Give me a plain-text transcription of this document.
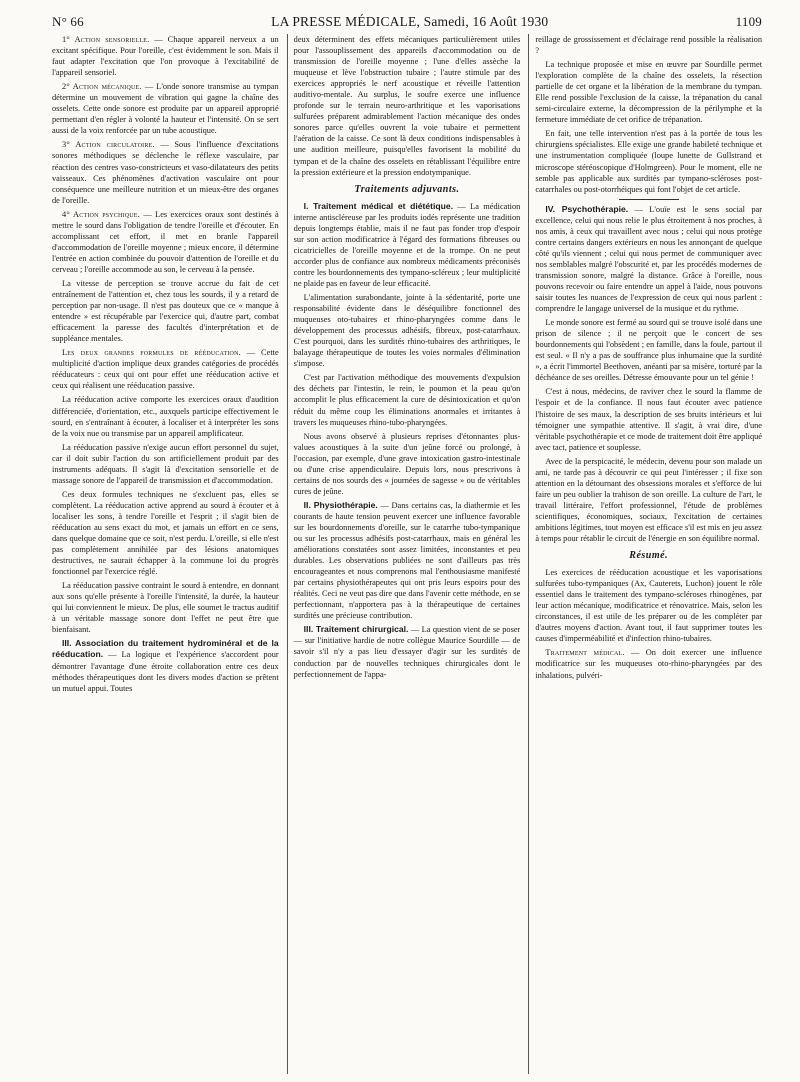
N° 66	LA PRESSE MÉDICALE, Samedi, 16 Août 1930	1109

1° Action sensorielle. — Chaque appareil nerveux a un excitant spécifique. Pour l'oreille, c'est évidemment le son. Mais il faut adapter l'excitation que l'on provoque à l'excitabilité de l'appareil sensoriel.

2° Action mécanique. — L'onde sonore transmise au tympan détermine un mouvement de vibration qui gagne la chaîne des osselets. Cette onde sonore est produite par un appareil approprié permettant d'en régler à volonté la hauteur et l'intensité. On se sert aussi de la voix renforcée par un tube acoustique.

3° Action circulatoire. — Sous l'influence d'excitations sonores méthodiques se déclenche le réflexe vasculaire, par réaction des centres vaso-constricteurs et vaso-dilatateurs des petits vaisseaux. Ces phénomènes d'activation vasculaire ont pour conséquence une meilleure nutrition et un mieux-être des organes de l'oreille.

4° Action psychique. — Les exercices oraux sont destinés à mettre le sourd dans l'obligation de tendre l'oreille et d'écouter. En accomplissant cet effort, il met en branle l'appareil d'accommodation de l'oreille moyenne ; mieux encore, il détermine l'entrée en action combinée du pouvoir d'attention de l'oreille et du cerveau ; l'oreille accommode au son, le cerveau à la pensée.

La vitesse de perception se trouve accrue du fait de cet entraînement de l'attention et, chez tous les sourds, il y a retard de perception par non-usage. Il n'est pas douteux que ce « manque à entendre » est récupérable par l'exercice qui, d'autre part, combat efficacement la paresse des facultés d'interprétation et de suppléance mentales.

Les deux grandes formules de rééducation. — Cette multiplicité d'action implique deux grandes catégories de procédés rééducateurs : ceux qui ont pour effet une rééducation active et ceux qui réalisent une rééducation passive.

La rééducation active comporte les exercices oraux d'audition différenciée, d'orientation, etc., auxquels participe effectivement le sourd, en s'entraînant à écouter, à localiser et à interpréter les sons de la voix nue ou transmise par un appareil amplificateur.

La rééducation passive n'exige aucun effort personnel du sujet, car il doit subir l'action du son artificiellement produit par des instruments adéquats. Il s'agit là d'excitation sensorielle et de massage sonore de l'appareil de transmission et d'accommodation.

Ces deux formules techniques ne s'excluent pas, elles se complètent. La rééducation active apprend au sourd à écouter et à localiser les sons, à tendre l'oreille et l'esprit ; il s'agit bien de rééducation au sens exact du mot, et jamais un effort en ce sens, dans quelque domaine que ce soit, n'est perdu. L'oreille, si elle n'est pas complètement annihilée par des lésions anatomiques destructives, ne saurait échapper à la commune loi du progrès fonctionnel par l'exercice réglé.

La rééducation passive contraint le sourd à entendre, en donnant aux sons qu'elle présente à l'oreille l'intensité, la durée, la hauteur qui lui conviennent le mieux. De plus, elle soumet le tractus auditif à un véritable massage sonore dont l'effet ne peut être que bienfaisant.

III. Association du traitement hydrominéral et de la rééducation. — La logique et l'expérience s'accordent pour démontrer l'avantage d'une étroite collaboration entre ces deux méthodes thérapeutiques dont les divers modes d'action se prêtent un mutuel appui. Toutes

deux déterminent des effets mécaniques particulièrement utiles pour l'assouplissement des appareils d'accommodation ou de transmission de l'oreille moyenne ; l'une d'elles assèche la muqueuse et lève l'obstruction tubaire ; l'autre stimule par des exercices appropriés le nerf acoustique et réveille l'attention auditivo-mentale. Au surplus, le soufre exerce une influence profonde sur le terrain neuro-arthritique et les vaporisations sulfurées préparent admirablement l'action mécanique des ondes sonores parce qu'elles ouvrent la voie tubaire et permettent l'aération de la caisse. Ce sont là deux conditions indispensables à une audition meilleure, puisqu'elles favorisent la mobilité du tympan et de la chaîne des osselets en rétablissant l'équilibre entre la pression extérieure et la pression endotympanique.

Traitements adjuvants.

I. Traitement médical et diététique. — La médication interne antiscléreuse par les produits iodés représente une tradition depuis longtemps établie, mais il ne faut pas fonder trop d'espoir sur son action modificatrice à l'égard des formations fibreuses ou cicatricielles de l'oreille moyenne et de la trompe. On ne peut accorder plus de confiance aux nombreux médicaments préconisés contre les bourdonnements des tympano-scléreux ; leur multiplicité ne plaide pas en faveur de leur efficacité.

L'alimentation surabondante, jointe à la sédentarité, porte une responsabilité évidente dans le déséquilibre fonctionnel des muqueuses oto-tubaires et rhino-pharyngées comme dans le développement des processus adhésifs, fibreux, post-catarrhaux. C'est pourquoi, dans les surdités rhino-tubaires des arthritiques, le balayage thérapeutique de toutes les voies normales d'élimination s'impose.

C'est par l'activation méthodique des mouvements d'expulsion des déchets par l'intestin, le rein, le poumon et la peau qu'on accomplit le plus efficacement la cure de désintoxication et qu'on réduit du même coup les éliminations anormales et irritantes à travers les muqueuses rhino-tubo-pharyngées.

Nous avons observé à plusieurs reprises d'étonnantes plus-values acoustiques à la suite d'un jeûne forcé ou prolongé, à l'occasion, par exemple, d'une grave intoxication gastro-intestinale ou d'une crise appendiculaire. Depuis lors, nous prescrivons à certains de nos sourds des « journées de sagesse » ou de véritables cures de jeûne.

II. Physiothérapie. — Dans certains cas, la diathermie et les courants de haute tension peuvent exercer une influence favorable sur les bourdonnements d'oreille, sur le catarrhe tubo-tympanique ou sur les processus adhésifs post-catarrhaux, mais en général les améliorations constatées sont assez limitées, inconstantes et peu durables. Les observations publiées ne sont d'ailleurs pas très encourageantes et nous comprenons mal l'enthousiasme manifesté par certains physiothérapeutes qui ont pris leurs espoirs pour des réalités. Ceci ne veut pas dire que dans l'avenir cette méthode, en se perfectionnant, n'apportera pas à la thérapeutique de certaines surdités une précieuse contribution.

III. Traitement chirurgical. — La question vient de se poser — sur l'initiative hardie de notre collègue Maurice Sourdille — de savoir s'il n'y a pas lieu d'essayer d'agir sur les surdités de conduction par de nouvelles techniques chirurgicales dont le perfectionnement de l'appa-

reillage de grossissement et d'éclairage rend possible la réalisation ?

La technique proposée et mise en œuvre par Sourdille permet l'exploration complète de la chaîne des osselets, la résection partielle de cet organe et la libération de la membrane du tympan. Elle rend possible l'exclusion de la caisse, la trépanation du canal semi-circulaire externe, la décompression de la périlymphe et la fermeture immédiate de cet orifice de trépanation.

En fait, une telle intervention n'est pas à la portée de tous les chirurgiens spécialistes. Elle exige une grande habileté technique et une instrumentation compliquée (loupe lunette de Gullstrand et microscope stéréoscopique d'Holmgreen). Pour le moment, elle ne semble pas applicable aux surdités par tympano-scléroses post-catarrhales ou post-otorrhéiques qui font l'objet de cet article.

IV. Psychothérapie. — L'ouïe est le sens social par excellence, celui qui nous relie le plus étroitement à nos proches, à nos amis, à ceux qui travaillent avec nous ; celui qui nous protège contre certains dangers extérieurs en nous les annonçant de quelque côté qu'ils viennent ; celui qui nous permet de communiquer avec nos semblables malgré l'obscurité et, par les procédés modernes de transmission sonore, malgré la distance. Grâce à l'oreille, nous pouvons recevoir ou faire entendre un appel à l'aide, nous pouvons saisir toutes les nuances de l'expression de ceux qui nous parlent : comprendre le langage universel de la musique et du rythme.

Le monde sonore est fermé au sourd qui se trouve isolé dans une prison de silence ; il ne perçoit que le concert de ses bourdonnements qui l'obsèdent ; en famille, dans la foule, partout il est seul. « Il n'y a pas de souffrance plus inhumaine que la surdité », a écrit l'immortel Beethoven, anéanti par sa misère, torturé par la déchéance de ses oreilles. Détresse émouvante pour un tel génie !

C'est à nous, médecins, de raviver chez le sourd la flamme de l'espoir et de la confiance. Il nous faut écouter avec patience l'histoire de ses maux, la description de ses bruits intérieurs et lui témoigner une sympathie attentive. Il s'agit, à vrai dire, d'une véritable psychothérapie et ce mode de traitement doit être appliqué avec tact, patience et souplesse.

Avec de la perspicacité, le médecin, devenu pour son malade un ami, ne tarde pas à découvrir ce qui peut l'intéresser ; il fixe son attention en la détournant des obsessions morales et s'efforce de lui faire un peu oublier la trahison de son oreille. La culture de l'art, le travail littéraire, l'effort professionnel, l'étude de problèmes scientifiques, économiques, sociaux, l'excitation de certaines ambitions légitimes, tout moyen est efficace s'il est mis en jeu assez à temps pour rétablir le circuit de l'énergie en son équilibre normal.

Résumé.

Les exercices de rééducation acoustique et les vaporisations sulfurées tubo-tympaniques (Ax, Cauterets, Luchon) jouent le rôle essentiel dans le traitement des tympano-scléroses rhinogènes, par leur action mécanique, modificatrice et rénovatrice. Mais, selon les circonstances, il est utile de les préparer ou de les compléter par d'autres moyens d'action. Avant tout, il faut supprimer toutes les causes d'imperméabilité et d'infection rhino-tubaires.

Traitement médical. — On doit exercer une influence modificatrice sur les muqueuses oto-rhino-pharyngées par des inhalations, pulvéri-
